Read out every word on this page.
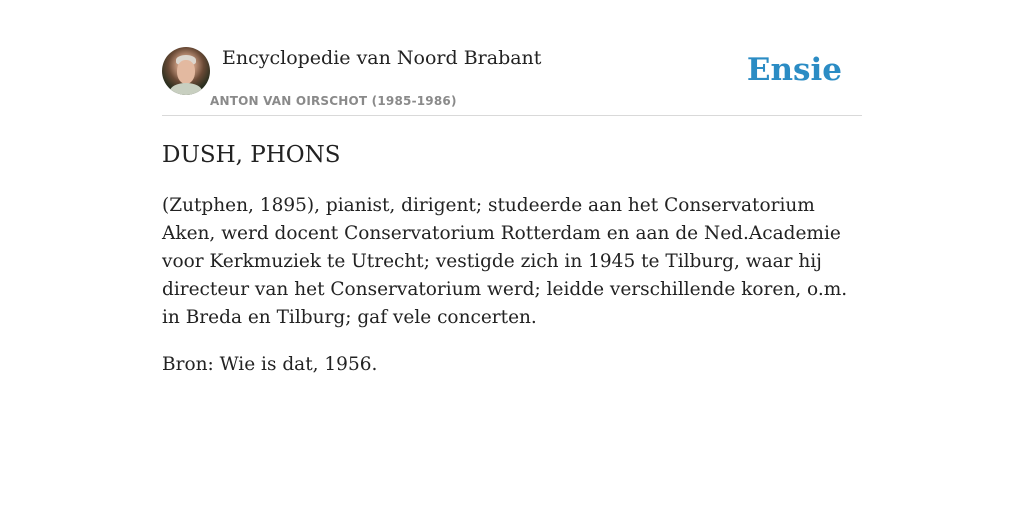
Encyclopedie van Noord Brabant
ANTON VAN OIRSCHOT (1985-1986)
Ensie
DUSH, PHONS

(Zutphen, 1895), pianist, dirigent; studeerde aan het Conservatorium Aken, werd docent Conservatorium Rotterdam en aan de Ned.Academie voor Kerkmuziek te Utrecht; vestigde zich in 1945 te Tilburg, waar hij directeur van het Conservatorium werd; leidde verschillende koren, o.m. in Breda en Tilburg; gaf vele concerten.

Bron: Wie is dat, 1956.
